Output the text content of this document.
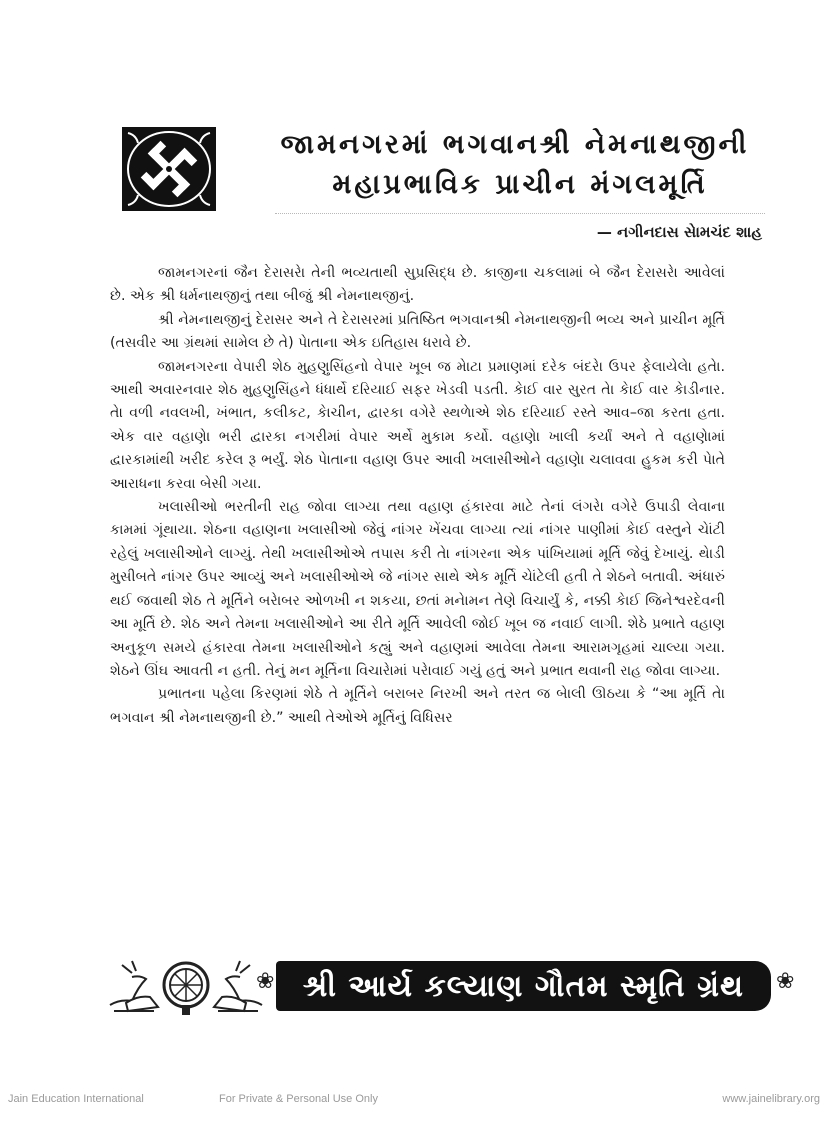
જામનગરમાં ભગવાનશ્રી નેમનાથજીની
મહાપ્રભાવિક પ્રાચીન મંગલમૂર્તિ
— નગીનદાસ સેામચંદ શાહ

જામનગરનાં જૈન દેરાસરેા તેની ભવ્યતાથી સુપ્રસિદ્ધ છે. કાજીના ચકલામાં બે જૈન દેરાસરેા આવેલાં છે. એક શ્રી ધર્મનાથજીનું તથા બીજું શ્રી નેમનાથજીનું.

શ્રી નેમનાથજીનું દેરાસર અને તે દેરાસરમાં પ્રતિષ્ઠિત ભગવાનશ્રી નેમનાથજીની ભવ્ય અને પ્રાચીન મૂર્તિ (તસવીર આ ગ્રંથમાં સામેલ છે તે) પેાતાના એક ઇતિહાસ ધરાવે છે.

જામનગરના વેપારી શેઠ મુહણુસિંહનો વેપાર ખૂબ જ મેાટા પ્રમાણમાં દરેક બંદરેા ઉપર ફેલાયેલેા હતેા. આથી અવારનવાર શેઠ મુહણુસિંહને ધંધાર્થે દરિયાઈ સફર ખેડવી પડતી. કેાઈ વાર સુરત તેા કેાઈ વાર કેાડીનાર. તેા વળી નવલખી, ખંભાત, કલીકટ, કેાચીન, દ્વારકા વગેરે સ્થળેાએ શેઠ દરિયાઈ રસ્તે આવ–જા કરતા હતા. એક વાર વહાણેા ભરી દ્વારકા નગરીમાં વેપાર અર્થે મુકામ કર્યો. વહાણેા ખાલી કર્યાં અને તે વહાણેામાં દ્વારકામાંથી ખરીદ કરેલ રૂ ભર્યું. શેઠ પેાતાના વહાણ ઉપર આવી ખલાસીઓને વહાણેા ચલાવવા હુકમ કરી પેાતે આરાધના કરવા બેસી ગયા.

ખલાસીઓ ભરતીની રાહ જોવા લાગ્યા તથા વહાણ હંકારવા માટે તેનાં લંગરેા વગેરે ઉપાડી લેવાના કામમાં ગૂંથાયા. શેઠના વહાણના ખલાસીઓ જેવું નાંગર ખેંચવા લાગ્યા ત્યાં નાંગર પાણીમાં કેાઈ વસ્તુને ચેાંટી રહેલું ખલાસીઓને લાગ્યું. તેથી ખલાસીઓએ તપાસ કરી તેા નાંગરના એક પાંખિયામાં મૂર્તિ જેવું દેખાયું. થેાડી મુસીબતે નાંગર ઉપર આવ્યું અને ખલાસીઓએ જે નાંગર સાથે એક મૂર્તિ ચેાંટેલી હતી તે શેઠને બતાવી. અંધારું થઈ જવાથી શેઠ તે મૂર્તિને બરેાબર ઓળખી ન શકયા, છતાં મનેામન તેણે વિચાર્યું કે, નક્કી કેાઈ જિનેશ્વરદેવની આ મૂર્તિ છે. શેઠ અને તેમના ખલાસીઓને આ રીતે મૂર્તિ આવેલી જોઈ ખૂબ જ નવાઈ લાગી. શેઠે પ્રભાતે વહાણ અનુકૂળ સમયે હંકારવા તેમના ખલાસીઓને કહ્યું અને વહાણમાં આવેલા તેમના આરામગૃહમાં ચાલ્યા ગયા. શેઠને ઊંઘ આવતી ન હતી. તેનું મન મૂર્તિના વિચારેામાં પરેાવાઈ ગયું હતું અને પ્રભાત થવાની રાહ જોવા લાગ્યા.

પ્રભાતના પહેલા કિરણમાં શેઠે તે મૂર્તિને બરાબર નિરખી અને તરત જ બેાલી ઊઠયા કે “આ મૂર્તિ તેા ભગવાન શ્રી નેમનાથજીની છે.” આથી તેઓએ મૂર્તિનું વિધિસર

❀ શ્રી આર્ય કલ્યાણ ગૌતમ સ્મૃતિ ગ્રંથ ❀
Jain Education International	For Private & Personal Use Only	www.jainelibrary.org
